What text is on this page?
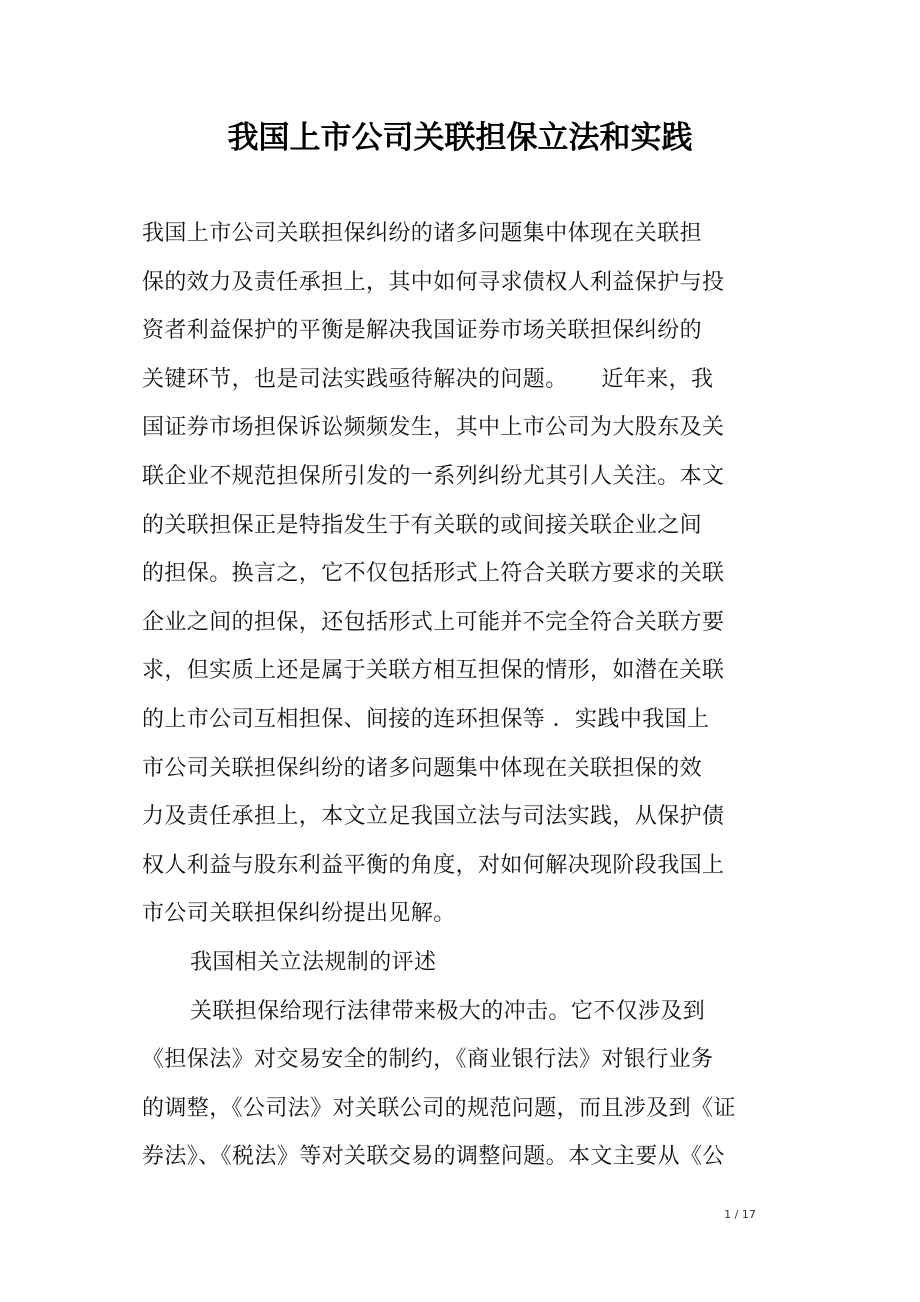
我国上市公司关联担保立法和实践
我国上市公司关联担保纠纷的诸多问题集中体现在关联担
保的效力及责任承担上，其中如何寻求债权人利益保护与投
资者利益保护的平衡是解决我国证券市场关联担保纠纷的
关键环节，也是司法实践亟待解决的问题。　　近年来，我
国证券市场担保诉讼频频发生，其中上市公司为大股东及关
联企业不规范担保所引发的一系列纠纷尤其引人关注。本文
的关联担保正是特指发生于有关联的或间接关联企业之间
的担保。换言之，它不仅包括形式上符合关联方要求的关联
企业之间的担保，还包括形式上可能并不完全符合关联方要
求，但实质上还是属于关联方相互担保的情形，如潜在关联
的上市公司互相担保、间接的连环担保等 ．实践中我国上
市公司关联担保纠纷的诸多问题集中体现在关联担保的效
力及责任承担上，本文立足我国立法与司法实践，从保护债
权人利益与股东利益平衡的角度，对如何解决现阶段我国上
市公司关联担保纠纷提出见解。
我国相关立法规制的评述
关联担保给现行法律带来极大的冲击。它不仅涉及到
《担保法》对交易安全的制约，《商业银行法》对银行业务
的调整，《公司法》对关联公司的规范问题，而且涉及到《证
券法》、《税法》等对关联交易的调整问题。本文主要从《公
1 / 17
